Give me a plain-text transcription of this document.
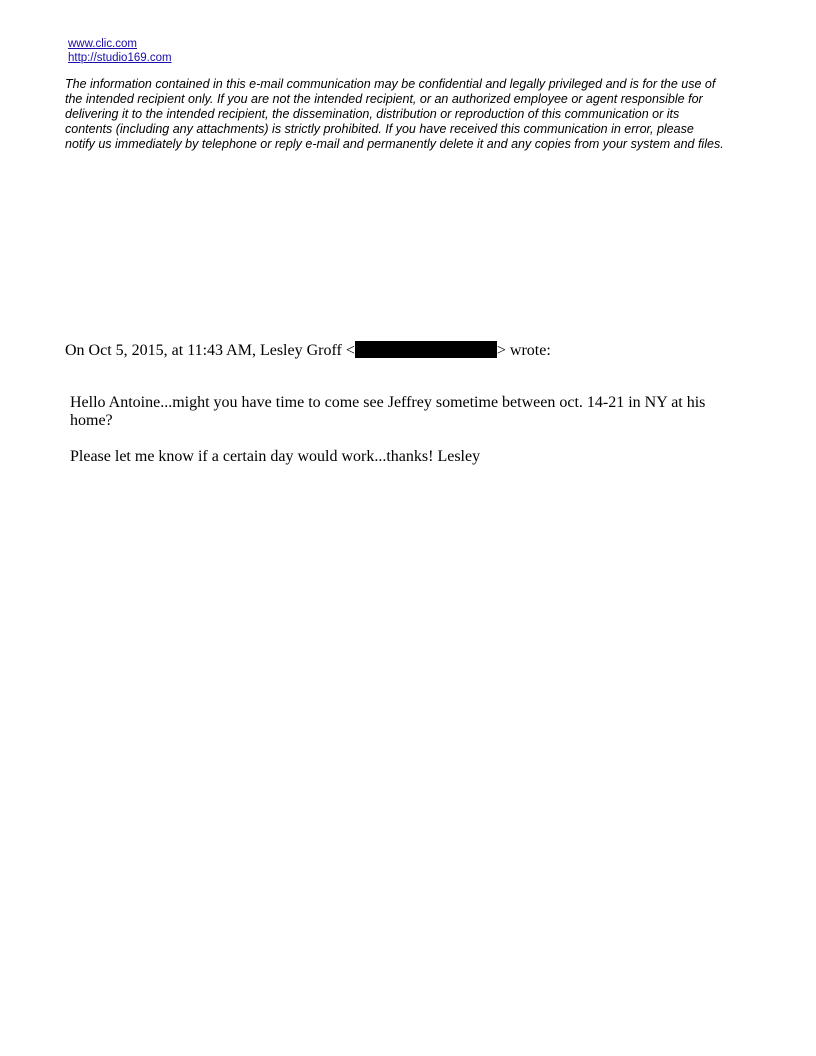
www.clic.com
http://studio169.com
The information contained in this e-mail communication may be confidential and legally privileged and is for the use of
the intended recipient only. If you are not the intended recipient, or an authorized employee or agent responsible for
delivering it to the intended recipient, the dissemination, distribution or reproduction of this communication or its
contents (including any attachments) is strictly prohibited. If you have received this communication in error, please
notify us immediately by telephone or reply e-mail and permanently delete it and any copies from your system and files.
On Oct 5, 2015, at 11:43 AM, Lesley Groff <	> wrote:

Hello Antoine...might you have time to come see Jeffrey sometime between oct. 14-21 in NY at his home?

Please let me know if a certain day would work...thanks! Lesley
